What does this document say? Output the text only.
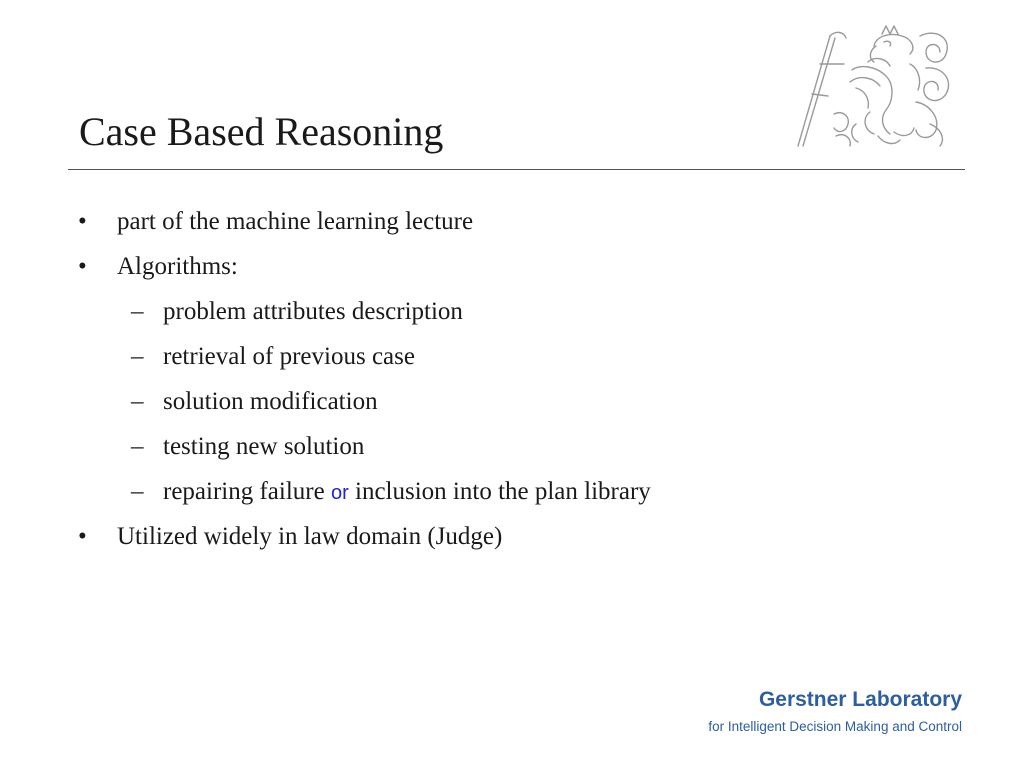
Case Based Reasoning
• part of the machine learning lecture
• Algorithms:
– problem attributes description
– retrieval of previous case
– solution modification
– testing new solution
– repairing failure or inclusion into the plan library
• Utilized widely in law domain (Judge)
Gerstner Laboratory
for Intelligent Decision Making and Control
